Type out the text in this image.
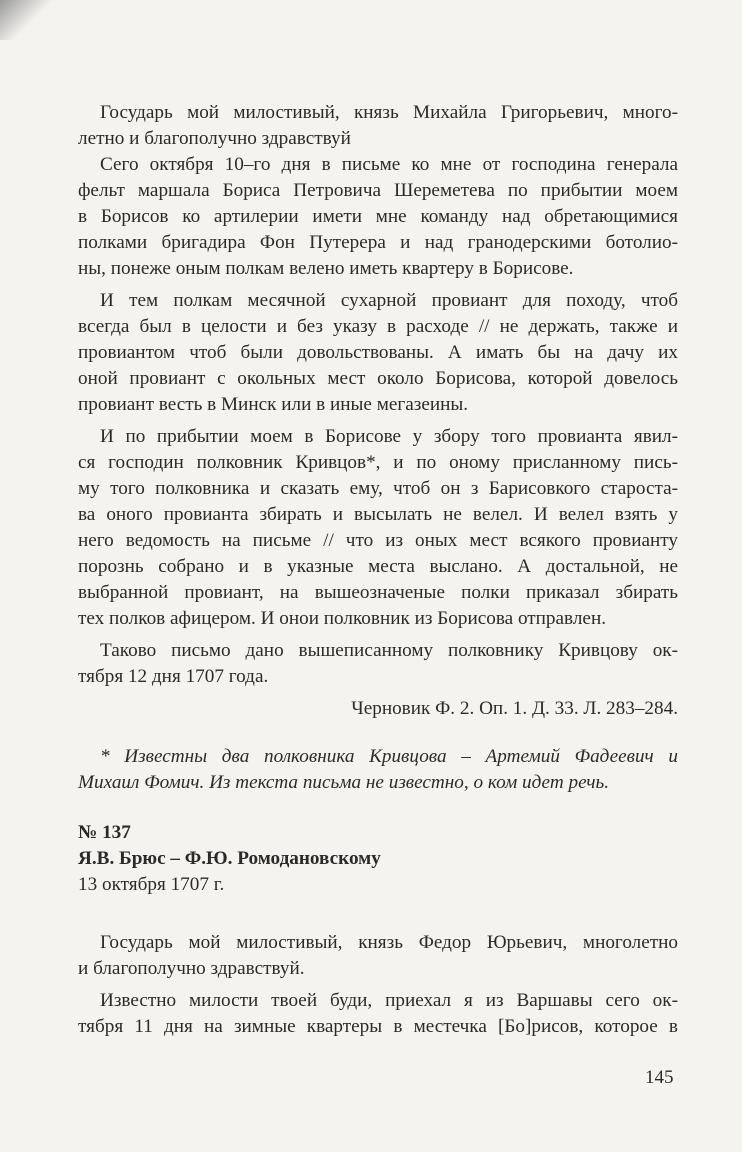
Государь мой милостивый, князь Михайла Григорьевич, много-
летно и благополучно здравствуй
Сего октября 10–го дня в письме ко мне от господина генерала
фельт маршала Бориса Петровича Шереметева по прибытии моем
в Борисов ко артилерии имети мне команду над обретающимися
полками бригадира Фон Путерера и над гранодерскими ботолио-
ны, понеже оным полкам велено иметь квартеру в Борисове.
И тем полкам месячной сухарной провиант для походу, чтоб
всегда был в целости и без указу в расходе // не держать, также и
провиантом чтоб были довольствованы. А имать бы на дачу их
оной провиант с окольных мест около Борисова, которой довелось
провиант весть в Минск или в иные мегазеины.
И по прибытии моем в Борисове у збору того провианта явил-
ся господин полковник Кривцов*, и по оному присланному пись-
му того полковника и сказать ему, чтоб он з Барисовкого староста-
ва оного провианта збирать и высылать не велел. И велел взять у
него ведомость на письме // что из оных мест всякого провианту
порознь собрано и в указные места выслано. А достальной, не
выбранной провиант, на вышеозначеные полки приказал збирать
тех полков афицером. И онои полковник из Борисова отправлен.
Таково письмо дано вышеписанному полковнику Кривцову ок-
тября 12 дня 1707 года.
Черновик Ф. 2. Оп. 1. Д. 33. Л. 283–284.
* Известны два полковника Кривцова – Артемий Фадеевич и
Михаил Фомич. Из текста письма не известно, о ком идет речь.
№ 137
Я.В. Брюс – Ф.Ю. Ромодановскому
13 октября 1707 г.
Государь мой милостивый, князь Федор Юрьевич, многолетно
и благополучно здравствуй.
Известно милости твоей буди, приехал я из Варшавы сего ок-
тября 11 дня на зимные квартеры в местечка [Бо]рисов, которое в
145
